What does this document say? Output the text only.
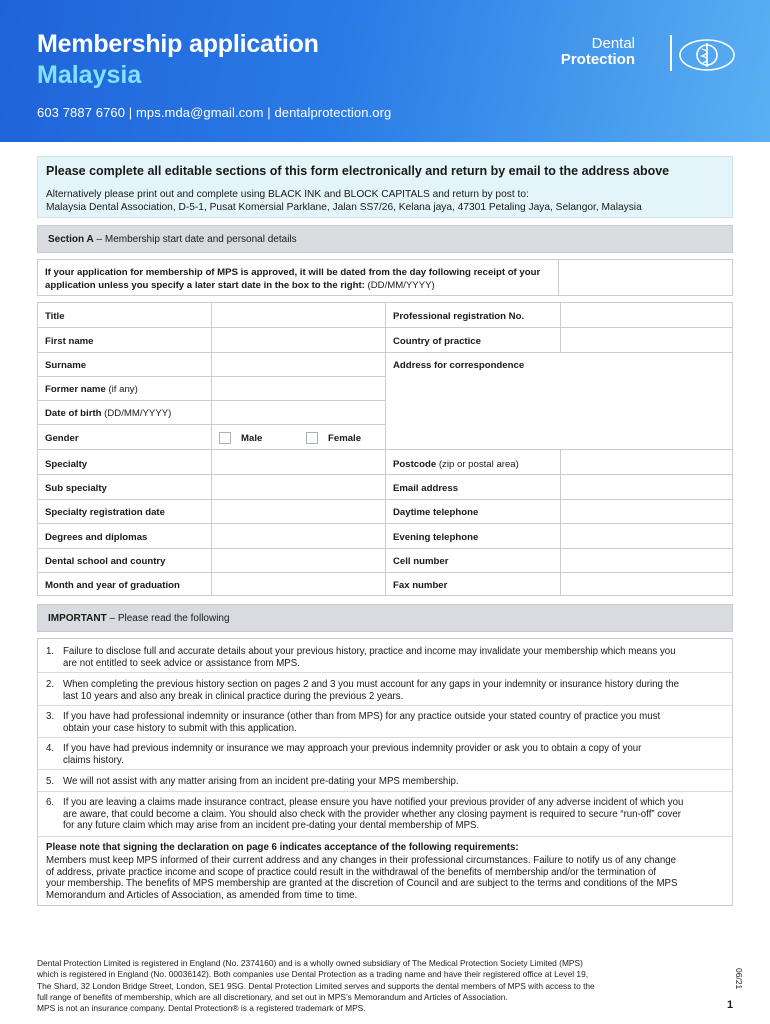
Membership application
Malaysia
603 7887 6760 | mps.mda@gmail.com | dentalprotection.org
Dental
Protection
Please complete all editable sections of this form electronically and return by email to the address above
Alternatively please print out and complete using BLACK INK and BLOCK CAPITALS and return by post to:
Malaysia Dental Association, D-5-1, Pusat Komersial Parklane, Jalan SS7/26, Kelana jaya, 47301 Petaling Jaya, Selangor, Malaysia
Section A – Membership start date and personal details
If your application for membership of MPS is approved, it will be dated from the day following receipt of your
application unless you specify a later start date in the box to the right: (DD/MM/YYYY)
Title
First name
Surname
Former name (if any)
Date of birth (DD/MM/YYYY)
Gender	Male	Female
Specialty
Sub specialty
Specialty registration date
Degrees and diplomas
Dental school and country
Month and year of graduation
Professional registration No.
Country of practice
Address for correspondence
Postcode (zip or postal area)
Email address
Daytime telephone
Evening telephone
Cell number
Fax number
IMPORTANT – Please read the following
1. Failure to disclose full and accurate details about your previous history, practice and income may invalidate your membership which means you
are not entitled to seek advice or assistance from MPS.
2. When completing the previous history section on pages 2 and 3 you must account for any gaps in your indemnity or insurance history during the
last 10 years and also any break in clinical practice during the previous 2 years.
3. If you have had professional indemnity or insurance (other than from MPS) for any practice outside your stated country of practice you must
obtain your case history to submit with this application.
4. If you have had previous indemnity or insurance we may approach your previous indemnity provider or ask you to obtain a copy of your
claims history.
5. We will not assist with any matter arising from an incident pre-dating your MPS membership.
6. If you are leaving a claims made insurance contract, please ensure you have notified your previous provider of any adverse incident of which you
are aware, that could become a claim. You should also check with the provider whether any closing payment is required to secure “run-off” cover
for any future claim which may arise from an incident pre-dating your dental membership of MPS.
Please note that signing the declaration on page 6 indicates acceptance of the following requirements:
Members must keep MPS informed of their current address and any changes in their professional circumstances. Failure to notify us of any change
of address, private practice income and scope of practice could result in the withdrawal of the benefits of membership and/or the termination of
your membership. The benefits of MPS membership are granted at the discretion of Council and are subject to the terms and conditions of the MPS
Memorandum and Articles of Association, as amended from time to time.
Dental Protection Limited is registered in England (No. 2374160) and is a wholly owned subsidiary of The Medical Protection Society Limited (MPS)
which is registered in England (No. 00036142). Both companies use Dental Protection as a trading name and have their registered office at Level 19,
The Shard, 32 London Bridge Street, London, SE1 9SG. Dental Protection Limited serves and supports the dental members of MPS with access to the
full range of benefits of membership, which are all discretionary, and set out in MPS’s Memorandum and Articles of Association.
MPS is not an insurance company. Dental Protection® is a registered trademark of MPS.
06/21
1
